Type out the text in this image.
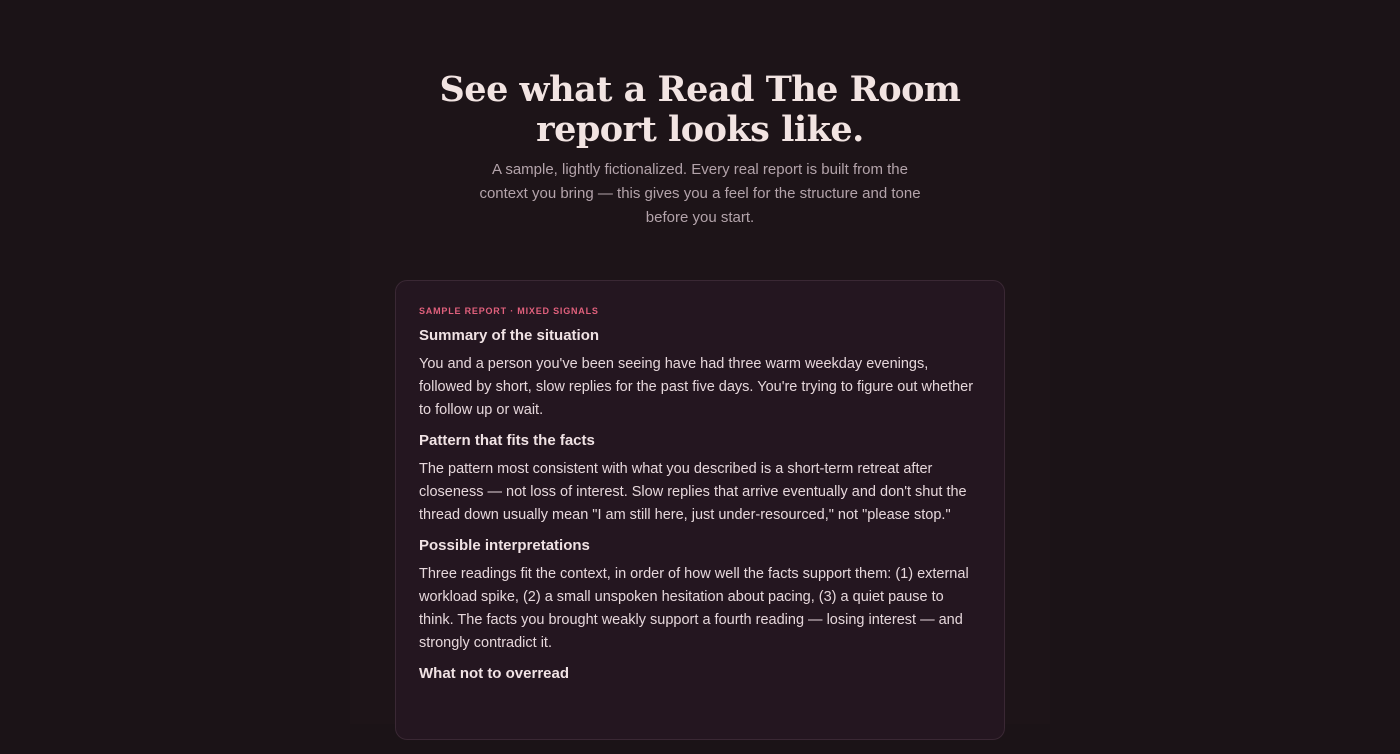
See what a Read The Room report looks like.

A sample, lightly fictionalized. Every real report is built from the context you bring — this gives you a feel for the structure and tone before you start.

SAMPLE REPORT · MIXED SIGNALS
Summary of the situation

You and a person you've been seeing have had three warm weekday evenings, followed by short, slow replies for the past five days. You're trying to figure out whether to follow up or wait.

Pattern that fits the facts

The pattern most consistent with what you described is a short-term retreat after closeness — not loss of interest. Slow replies that arrive eventually and don't shut the thread down usually mean "I am still here, just under-resourced," not "please stop."

Possible interpretations

Three readings fit the context, in order of how well the facts support them: (1) external workload spike, (2) a small unspoken hesitation about pacing, (3) a quiet pause to think. The facts you brought weakly support a fourth reading — losing interest — and strongly contradict it.

What not to overread
